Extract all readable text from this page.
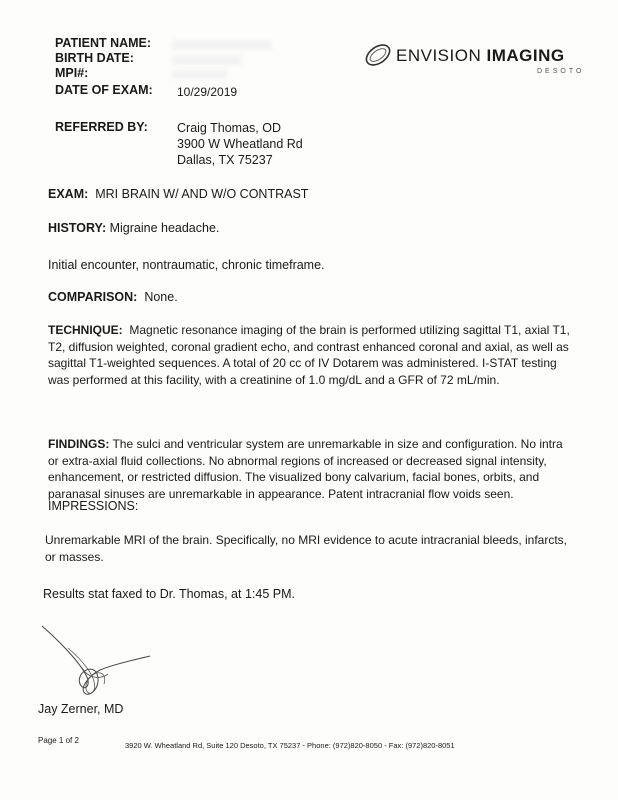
PATIENT NAME:
BIRTH DATE:
MPI#:
DATE OF EXAM: 10/29/2019
REFERRED BY: Craig Thomas, OD
3900 W Wheatland Rd
Dallas, TX 75237
ENVISION IMAGING
DESOTO
EXAM: MRI BRAIN W/ AND W/O CONTRAST
HISTORY: Migraine headache.
Initial encounter, nontraumatic, chronic timeframe.
COMPARISON: None.
TECHNIQUE: Magnetic resonance imaging of the brain is performed utilizing sagittal T1, axial T1, T2, diffusion weighted, coronal gradient echo, and contrast enhanced coronal and axial, as well as sagittal T1-weighted sequences. A total of 20 cc of IV Dotarem was administered. I-STAT testing was performed at this facility, with a creatinine of 1.0 mg/dL and a GFR of 72 mL/min.
FINDINGS: The sulci and ventricular system are unremarkable in size and configuration. No intra or extra-axial fluid collections. No abnormal regions of increased or decreased signal intensity, enhancement, or restricted diffusion. The visualized bony calvarium, facial bones, orbits, and paranasal sinuses are unremarkable in appearance. Patent intracranial flow voids seen.
IMPRESSIONS:
Unremarkable MRI of the brain. Specifically, no MRI evidence to acute intracranial bleeds, infarcts, or masses.
Results stat faxed to Dr. Thomas, at 1:45 PM.
Jay Zerner, MD
Page 1 of 2
3920 W. Wheatland Rd, Suite 120 Desoto, TX 75237 - Phone: (972)820-8050 - Fax: (972)820-8051
